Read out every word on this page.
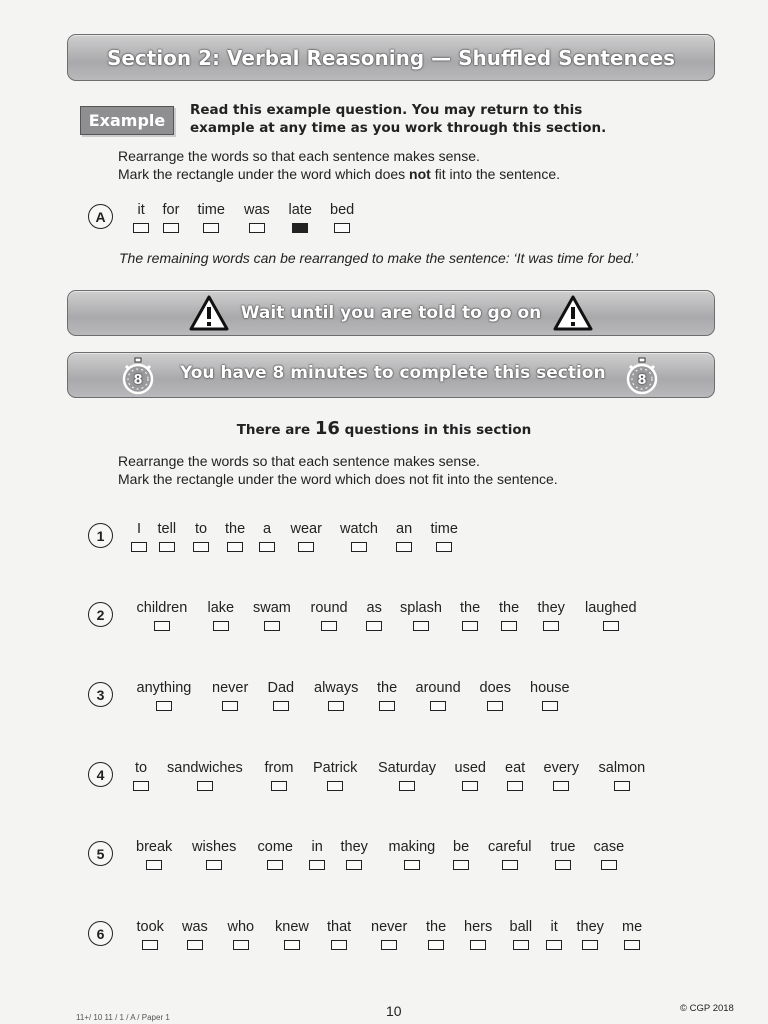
Section 2: Verbal Reasoning — Shuffled Sentences
Example
Read this example question. You may return to this
example at any time as you work through this section.
Rearrange the words so that each sentence makes sense.
Mark the rectangle under the word which does not fit into the sentence.
A	it for time was late bed
The remaining words can be rearranged to make the sentence: ‘It was time for bed.’
Wait until you are told to go on
8 You have 8 minutes to complete this section 8
There are 16 questions in this section
Rearrange the words so that each sentence makes sense.
Mark the rectangle under the word which does not fit into the sentence.
1	I tell to the a wear watch an time
2	children lake swam round as splash the the they laughed
3	anything never Dad always the around does house
4	to sandwiches from Patrick Saturday used eat every salmon
5	break wishes come in they making be careful true case
6	took was who knew that never the hers ball it they me
10	© CGP 2018
11+/ 10 11 / 1 / A / Paper 1
